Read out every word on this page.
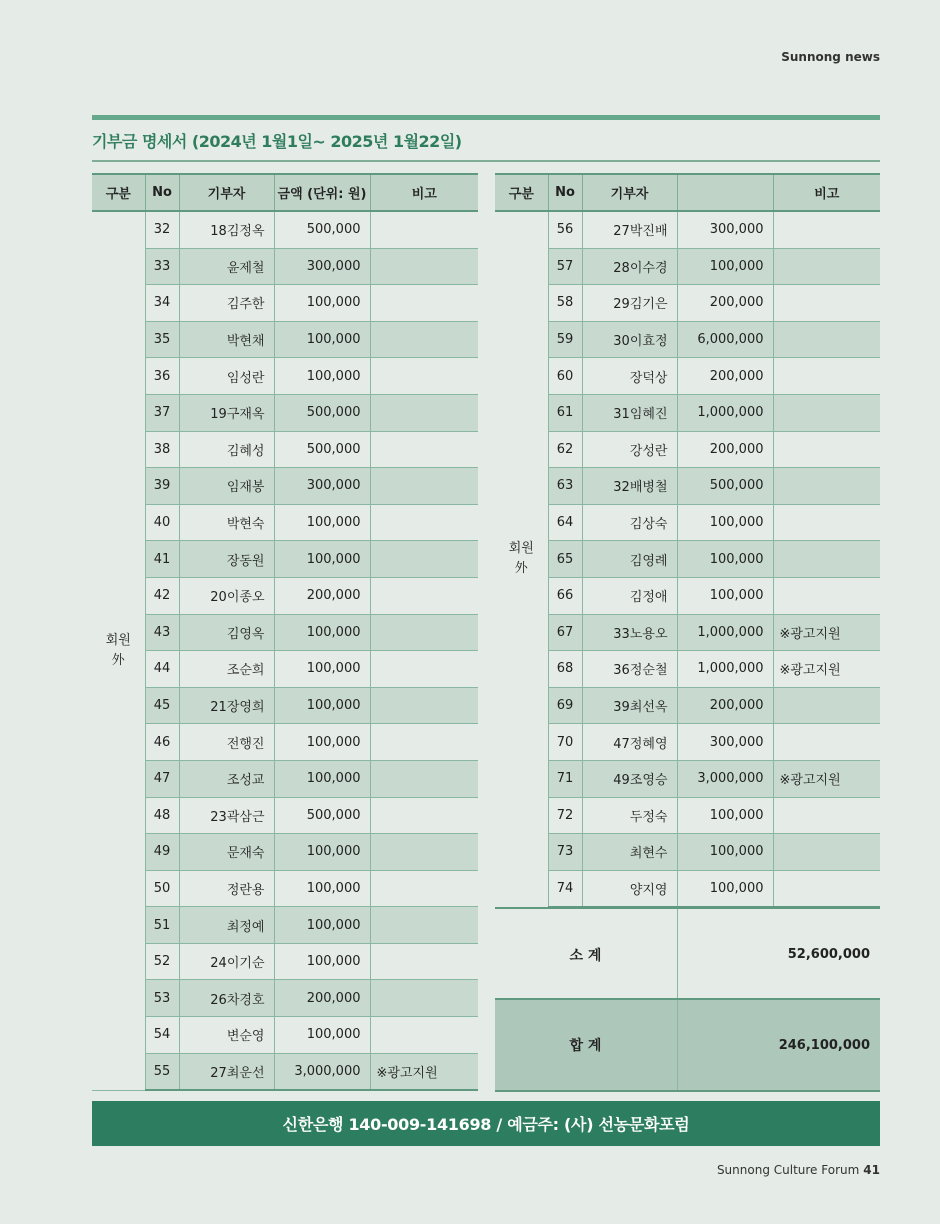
Sunnong news
기부금 명세서 (2024년 1월1일~ 2025년 1월22일)
구분	No	기부자	금액 (단위: 원)	비고

회원
外	32	18김정옥	500,000	
	33	윤제철	300,000	
	34	김주한	100,000	
	35	박현채	100,000	
	36	임성란	100,000	
	37	19구재옥	500,000	
	38	김혜성	500,000	
	39	임재봉	300,000	
	40	박현숙	100,000	
	41	장동원	100,000	
	42	20이종오	200,000	
	43	김영옥	100,000	
	44	조순희	100,000	
	45	21장영희	100,000	
	46	전행진	100,000	
	47	조성교	100,000	
	48	23곽삼근	500,000	
	49	문재숙	100,000	
	50	정란용	100,000	
	51	최정예	100,000	
	52	24이기순	100,000	
	53	26차경호	200,000	
	54	변순영	100,000	
	55	27최운선	3,000,000	※광고지원
구분	No	기부자		비고

회원
外	56	27박진배	300,000	
	57	28이수경	100,000	
	58	29김기은	200,000	
	59	30이효정	6,000,000	
	60	장덕상	200,000	
	61	31임혜진	1,000,000	
	62	강성란	200,000	
	63	32배병철	500,000	
	64	김상숙	100,000	
	65	김영례	100,000	
	66	김정애	100,000	
	67	33노용오	1,000,000	※광고지원
	68	36정순철	1,000,000	※광고지원
	69	39최선옥	200,000	
	70	47정혜영	300,000	
	71	49조영승	3,000,000	※광고지원
	72	두정숙	100,000	
	73	최현수	100,000	
	74	양지영	100,000	
소 계	52,600,000
합 계	246,100,000
신한은행 140-009-141698 / 예금주: (사) 선농문화포럼
Sunnong Culture Forum 41
